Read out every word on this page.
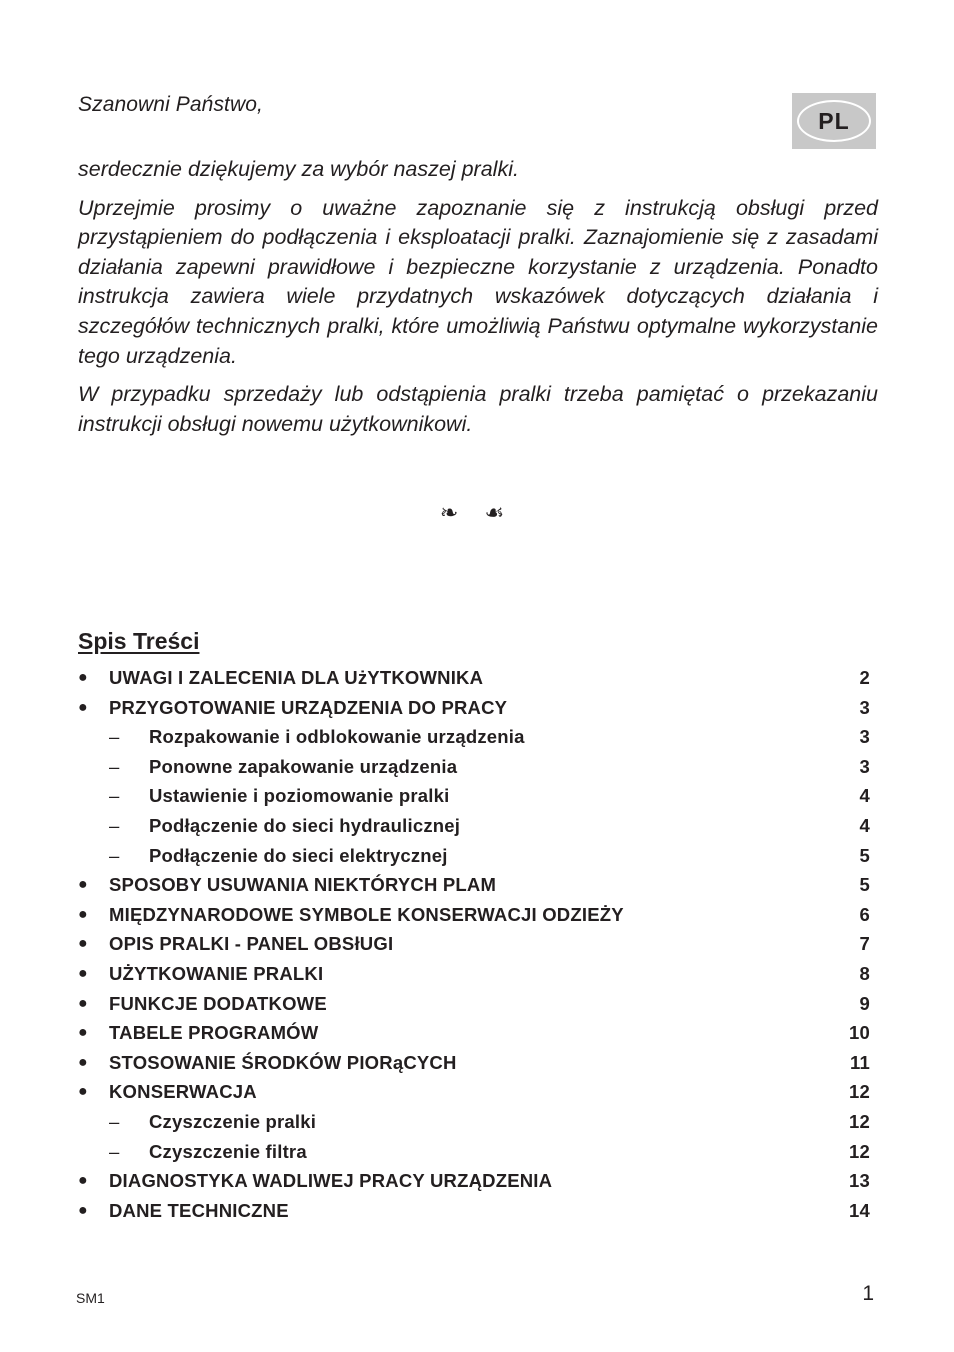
Szanowni Państwo,
PL

serdecznie dziękujemy za wybór naszej pralki.

Uprzejmie prosimy o uważne zapoznanie się z instrukcją obsługi przed przystąpieniem do podłączenia i eksploatacji pralki. Zaznajomienie się z zasadami działania zapewni prawidłowe i bezpieczne korzystanie z urządzenia. Ponadto instrukcja zawiera wiele przydatnych wskazówek dotyczących działania i szczegółów technicznych pralki, które umożliwią Państwu optymalne wykorzystanie tego urządzenia.

W przypadku sprzedaży lub odstąpienia pralki trzeba pamiętać o przekazaniu instrukcji obsługi nowemu użytkownikowi.

❧ ☙
Spis Treści
● UWAGI I ZALECENIA DLA UżYTKOWNIKA	2
● PRZYGOTOWANIE URZĄDZENIA DO PRACY	3
– Rozpakowanie i odblokowanie urządzenia	3
– Ponowne zapakowanie urządzenia	3
– Ustawienie i poziomowanie pralki	4
– Podłączenie do sieci hydraulicznej	4
– Podłączenie do sieci elektrycznej	5
● SPOSOBY USUWANIA NIEKTÓRYCH PLAM	5
● MIĘDZYNARODOWE SYMBOLE KONSERWACJI ODZIEŻY	6
● OPIS PRALKI - PANEL OBSłUGI	7
● UŻYTKOWANIE PRALKI	8
● FUNKCJE DODATKOWE	9
● TABELE PROGRAMÓW	10
● STOSOWANIE ŚRODKÓW PIORąCYCH	11
● KONSERWACJA	12
– Czyszczenie pralki	12
– Czyszczenie filtra	12
● DIAGNOSTYKA WADLIWEJ PRACY URZĄDZENIA	13
● DANE TECHNICZNE	14
SM1	1
